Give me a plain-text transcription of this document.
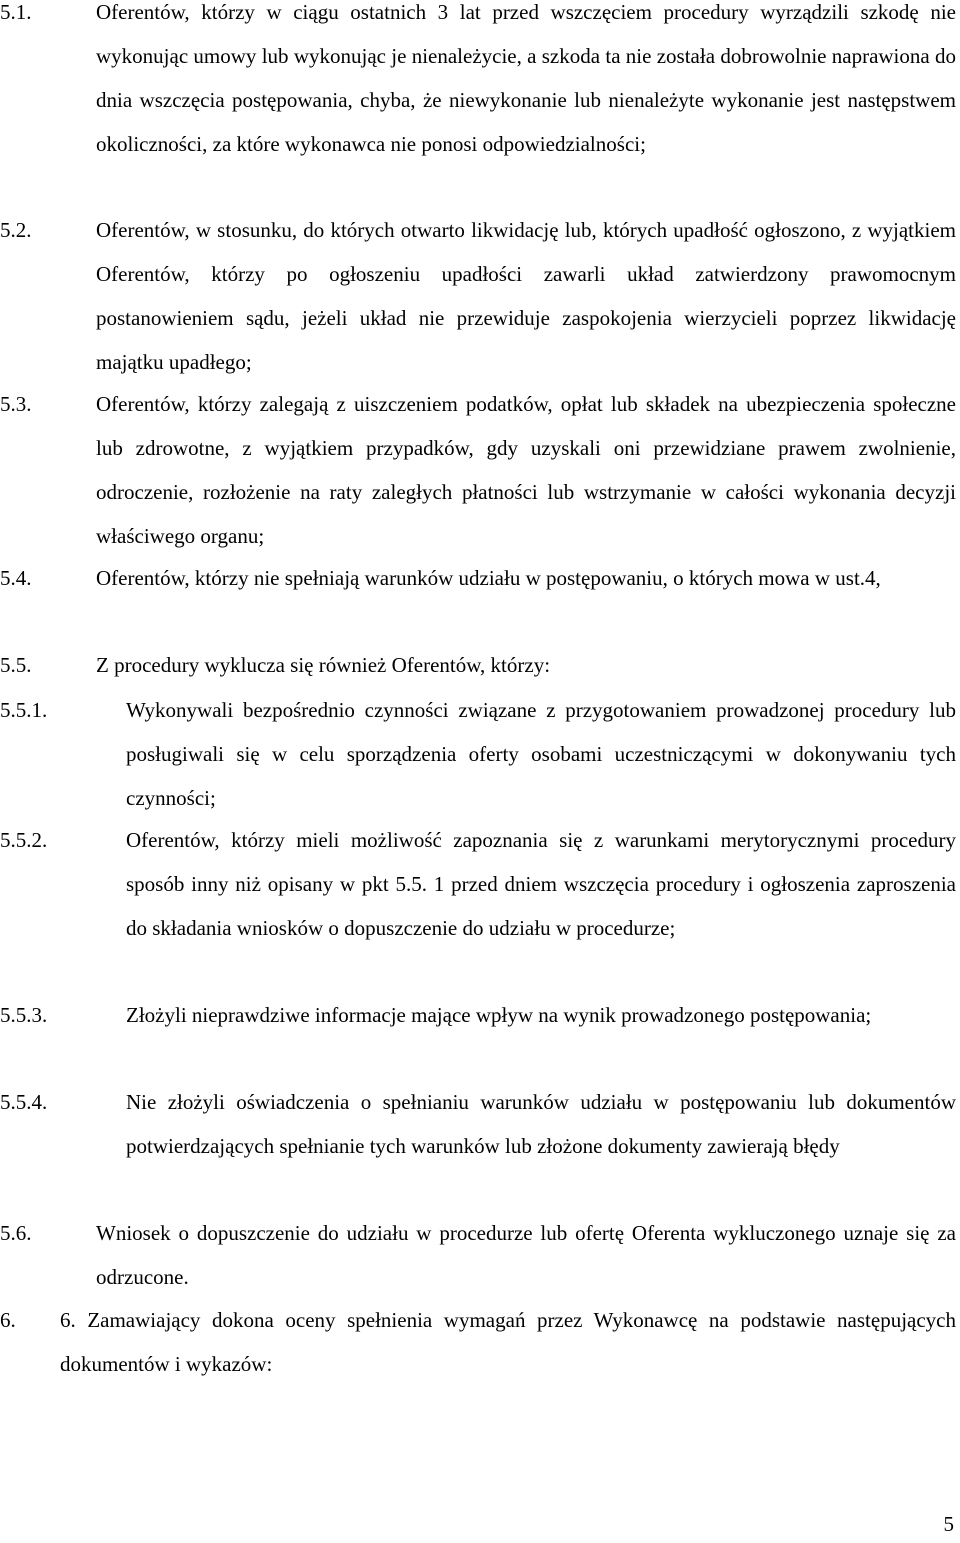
5.1.	Oferentów, którzy w ciągu ostatnich 3 lat przed wszczęciem procedury wyrządzili szkodę nie wykonując umowy lub wykonując je nienależycie, a szkoda ta nie została dobrowolnie naprawiona do dnia wszczęcia postępowania, chyba, że niewykonanie lub nienależyte wykonanie jest następstwem okoliczności, za które wykonawca nie ponosi odpowiedzialności;
5.2.	Oferentów, w stosunku, do których otwarto likwidację lub, których upadłość ogłoszono, z wyjątkiem Oferentów, którzy po ogłoszeniu upadłości zawarli układ zatwierdzony prawomocnym postanowieniem sądu, jeżeli układ nie przewiduje zaspokojenia wierzycieli poprzez likwidację majątku upadłego;
5.3.	Oferentów, którzy zalegają z uiszczeniem podatków, opłat lub składek na ubezpieczenia społeczne lub zdrowotne, z wyjątkiem przypadków, gdy uzyskali oni przewidziane prawem zwolnienie, odroczenie, rozłożenie na raty zaległych płatności lub wstrzymanie w całości wykonania decyzji właściwego organu;
5.4.	Oferentów, którzy nie spełniają warunków udziału w postępowaniu, o których mowa w ust.4,
5.5.	Z procedury wyklucza się również Oferentów, którzy:
5.5.1.	Wykonywali bezpośrednio czynności związane z przygotowaniem prowadzonej procedury lub posługiwali się w celu sporządzenia oferty osobami uczestniczącymi w dokonywaniu tych czynności;
5.5.2.	Oferentów, którzy mieli możliwość zapoznania się z warunkami merytorycznymi procedury sposób inny niż opisany w pkt 5.5. 1 przed dniem wszczęcia procedury i ogłoszenia zaproszenia do składania wniosków o dopuszczenie do udziału w procedurze;
5.5.3.	Złożyli nieprawdziwe informacje mające wpływ na wynik prowadzonego postępowania;
5.5.4.	Nie złożyli oświadczenia o spełnianiu warunków udziału w postępowaniu lub dokumentów potwierdzających spełnianie tych warunków lub złożone dokumenty zawierają błędy
5.6.	Wniosek o dopuszczenie do udziału w procedurze lub ofertę Oferenta wykluczonego uznaje się za odrzucone.
6. 6. Zamawiający dokona oceny spełnienia wymagań przez Wykonawcę na podstawie następujących dokumentów i wykazów:
5
